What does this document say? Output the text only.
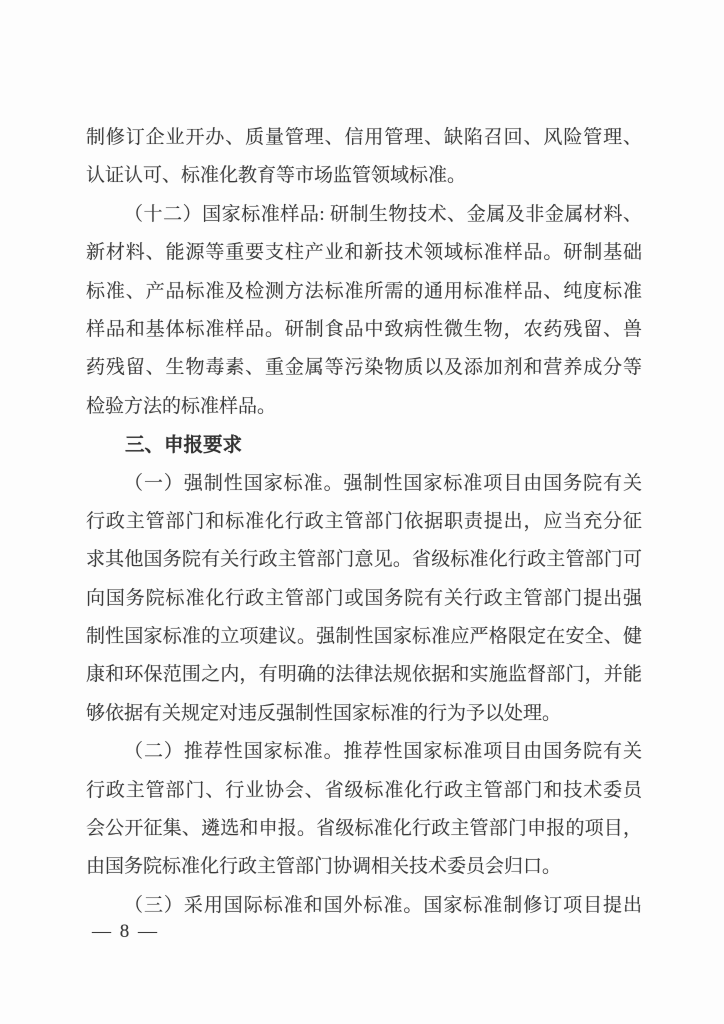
制修订企业开办、质量管理、信用管理、缺陷召回、风险管理、
认证认可、标准化教育等市场监管领域标准。
（十二）国家标准样品: 研制生物技术、金属及非金属材料、
新材料、能源等重要支柱产业和新技术领域标准样品。研制基础
标准、产品标准及检测方法标准所需的通用标准样品、纯度标准
样品和基体标准样品。研制食品中致病性微生物，农药残留、兽
药残留、生物毒素、重金属等污染物质以及添加剂和营养成分等
检验方法的标准样品。
三、申报要求
（一）强制性国家标准。强制性国家标准项目由国务院有关
行政主管部门和标准化行政主管部门依据职责提出，应当充分征
求其他国务院有关行政主管部门意见。省级标准化行政主管部门可
向国务院标准化行政主管部门或国务院有关行政主管部门提出强
制性国家标准的立项建议。强制性国家标准应严格限定在安全、健
康和环保范围之内，有明确的法律法规依据和实施监督部门，并能
够依据有关规定对违反强制性国家标准的行为予以处理。
（二）推荐性国家标准。推荐性国家标准项目由国务院有关
行政主管部门、行业协会、省级标准化行政主管部门和技术委员
会公开征集、遴选和申报。省级标准化行政主管部门申报的项目，
由国务院标准化行政主管部门协调相关技术委员会归口。
（三）采用国际标准和国外标准。国家标准制修订项目提出
— 8 —
